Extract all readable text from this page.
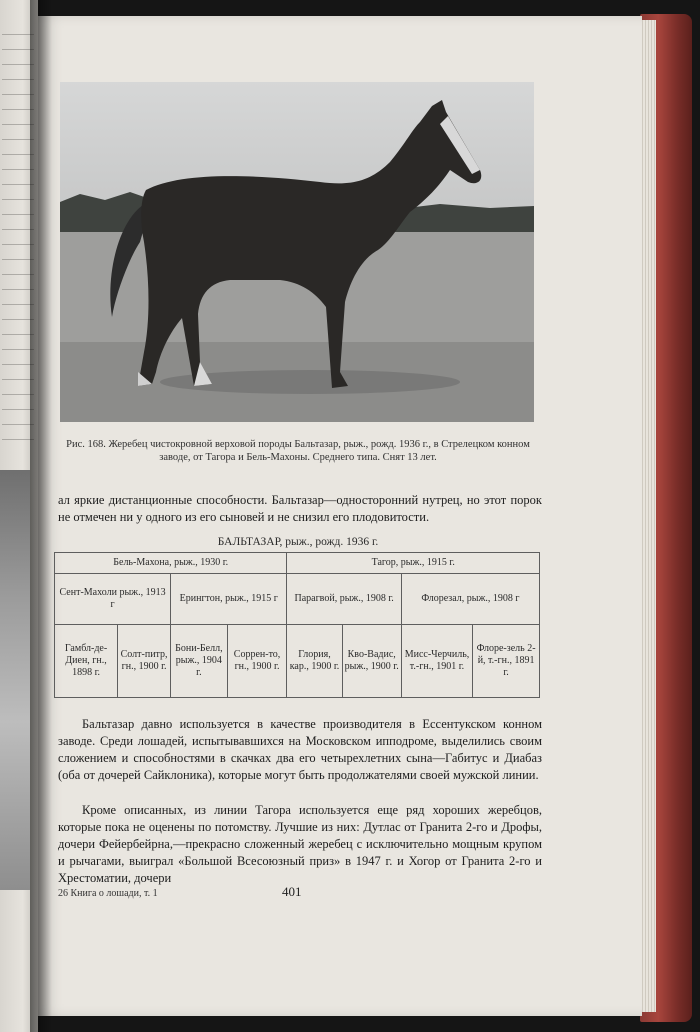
Рис. 168. Жеребец чистокровной верховой породы Бальтазар, рыж., рожд. 1936 г., в Стрелецком конном заводе, от Тагора и Бель-Махоны. Среднего типа. Снят 13 лет.

ал яркие дистанционные способности. Бальтазар—односторонний нутрец, но этот порок не отмечен ни у одного из его сыновей и не снизил его плодовитости.

БАЛЬТАЗАР, рыж., рожд. 1936 г.

Бель-Махона, рыж., 1930 г.				Тагор, рыж., 1915 г.			
Сент-Махоли рыж., 1913 г		Ерингтон, рыж., 1915 г		Парагвой, рыж., 1908 г.		Флорезал, рыж., 1908 г	
Гамбл-де-Диен, гн., 1898 г.	Солт-питр, гн., 1900 г.	Бони-Белл, рыж., 1904 г.	Соррен-то, гн., 1900 г.	Глория, кар., 1900 г.	Кво-Вадис, рыж., 1900 г.	Мисс-Черчиль, т.-гн., 1901 г.	Флоре-зель 2-й, т.-гн., 1891 г.

Бальтазар давно используется в качестве производителя в Ессентукском конном заводе. Среди лошадей, испытывавшихся на Московском ипподроме, выделились своим сложением и способностями в скачках два его четырехлетних сына—Габитус и Диабаз (оба от дочерей Сайклоника), которые могут быть продолжателями своей мужской линии.

Кроме описанных, из линии Тагора используется еще ряд хороших жеребцов, которые пока не оценены по потомству. Лучшие из них: Дутлас от Гранита 2-го и Дрофы, дочери Фейербейрна,—прекрасно сложенный жеребец с исключительно мощным крупом и рычагами, выиграл «Большой Всесоюзный приз» в 1947 г. и Хогор от Гранита 2-го и Хрестоматии, дочери

26 Книга о лошади, т. 1	401
